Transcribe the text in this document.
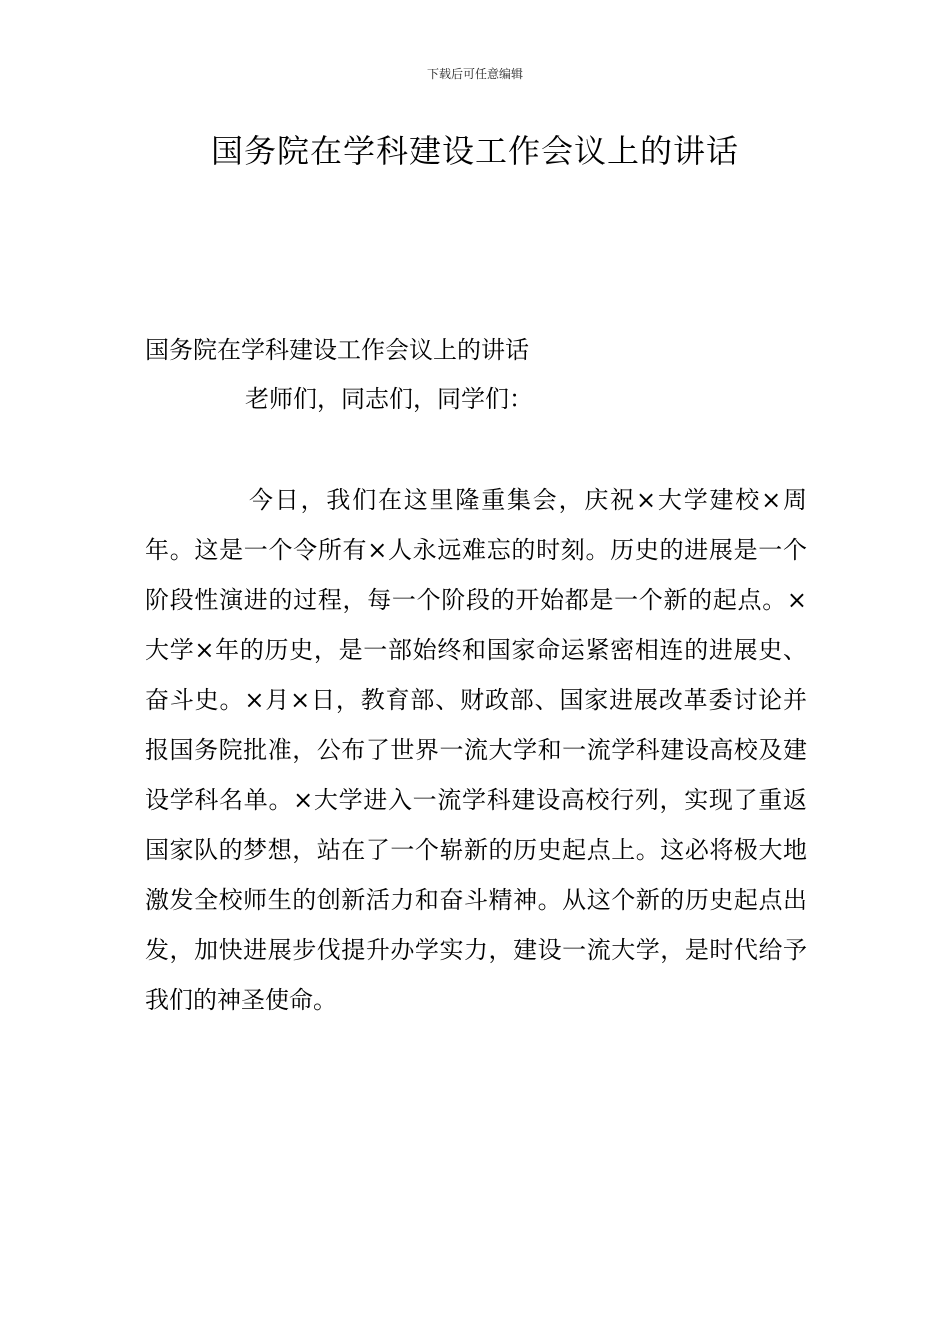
下载后可任意编辑
国务院在学科建设工作会议上的讲话

国务院在学科建设工作会议上的讲话

老师们，同志们，同学们：

今日，我们在这里隆重集会，庆祝×大学建校×周年。这是一个令所有×人永远难忘的时刻。历史的进展是一个阶段性演进的过程，每一个阶段的开始都是一个新的起点。×大学×年的历史，是一部始终和国家命运紧密相连的进展史、奋斗史。×月×日，教育部、财政部、国家进展改革委讨论并报国务院批准，公布了世界一流大学和一流学科建设高校及建设学科名单。×大学进入一流学科建设高校行列，实现了重返国家队的梦想，站在了一个崭新的历史起点上。这必将极大地激发全校师生的创新活力和奋斗精神。从这个新的历史起点出发，加快进展步伐提升办学实力，建设一流大学，是时代给予我们的神圣使命。
